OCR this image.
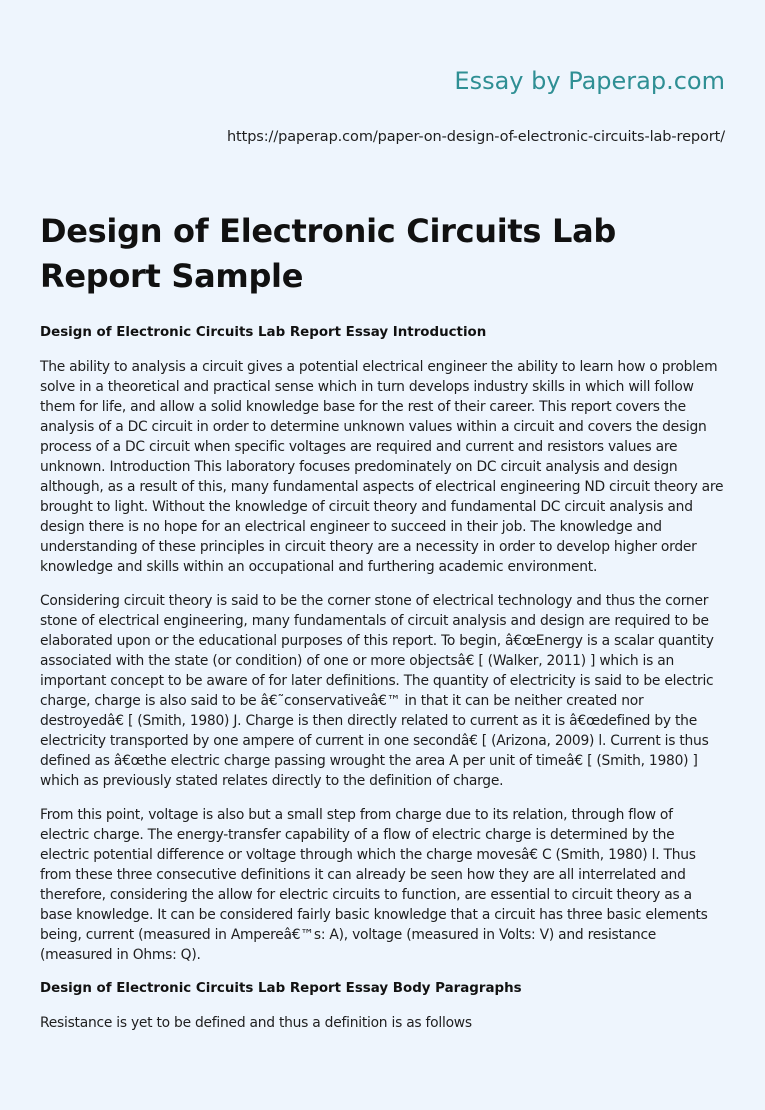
Essay by Paperap.com
https://paperap.com/paper-on-design-of-electronic-circuits-lab-report/
Design of Electronic Circuits Lab Report Sample
Design of Electronic Circuits Lab Report Essay Introduction

The ability to analysis a circuit gives a potential electrical engineer the ability to learn how o problem solve in a theoretical and practical sense which in turn develops industry skills in which will follow them for life, and allow a solid knowledge base for the rest of their career. This report covers the analysis of a DC circuit in order to determine unknown values within a circuit and covers the design process of a DC circuit when specific voltages are required and current and resistors values are unknown. Introduction This laboratory focuses predominately on DC circuit analysis and design although, as a result of this, many fundamental aspects of electrical engineering ND circuit theory are brought to light. Without the knowledge of circuit theory and fundamental DC circuit analysis and design there is no hope for an electrical engineer to succeed in their job. The knowledge and understanding of these principles in circuit theory are a necessity in order to develop higher order knowledge and skills within an occupational and furthering academic environment.

Considering circuit theory is said to be the corner stone of electrical technology and thus the corner stone of electrical engineering, many fundamentals of circuit analysis and design are required to be elaborated upon or the educational purposes of this report. To begin, â€œEnergy is a scalar quantity associated with the state (or condition) of one or more objectsâ€ [ (Walker, 2011) ] which is an important concept to be aware of for later definitions. The quantity of electricity is said to be electric charge, charge is also said to be â€˜conservativeâ€™ in that it can be neither created nor destroyedâ€ [ (Smith, 1980) J. Charge is then directly related to current as it is â€œdefined by the electricity transported by one ampere of current in one secondâ€ [ (Arizona, 2009) l. Current is thus defined as â€œthe electric charge passing wrought the area A per unit of timeâ€ [ (Smith, 1980) ] which as previously stated relates directly to the definition of charge.

From this point, voltage is also but a small step from charge due to its relation, through flow of electric charge. The energy-transfer capability of a flow of electric charge is determined by the electric potential difference or voltage through which the charge movesâ€ C (Smith, 1980) l. Thus from these three consecutive definitions it can already be seen how they are all interrelated and therefore, considering the allow for electric circuits to function, are essential to circuit theory as a base knowledge. It can be considered fairly basic knowledge that a circuit has three basic elements being, current (measured in Ampereâ€™s: A), voltage (measured in Volts: V) and resistance (measured in Ohms: Q).

Design of Electronic Circuits Lab Report Essay Body Paragraphs

Resistance is yet to be defined and thus a definition is as follows
